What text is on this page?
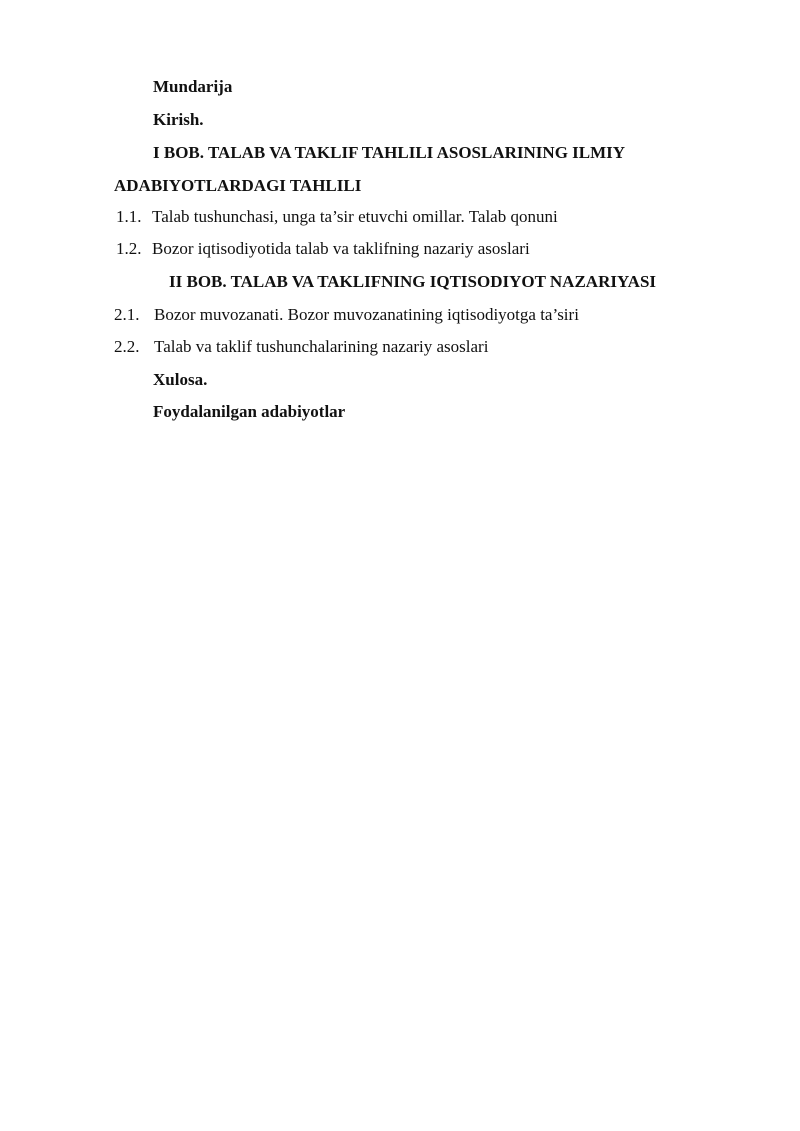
Mundarija
Kirish.
I BOB. TALAB VA TAKLIF TAHLILI ASOSLARINING ILMIY
ADABIYOTLARDAGI TAHLILI
1.1. Talab tushunchasi, unga ta’sir etuvchi omillar. Talab qonuni
1.2. Bozor iqtisodiyotida talab va taklifning nazariy asoslari
II BOB. TALAB VA TAKLIFNING IQTISODIYOT NAZARIYASI
2.1. Bozor muvozanati. Bozor muvozanatining iqtisodiyotga ta’siri
2.2. Talab va taklif tushunchalarining nazariy asoslari
Xulosa.
Foydalanilgan adabiyotlar
